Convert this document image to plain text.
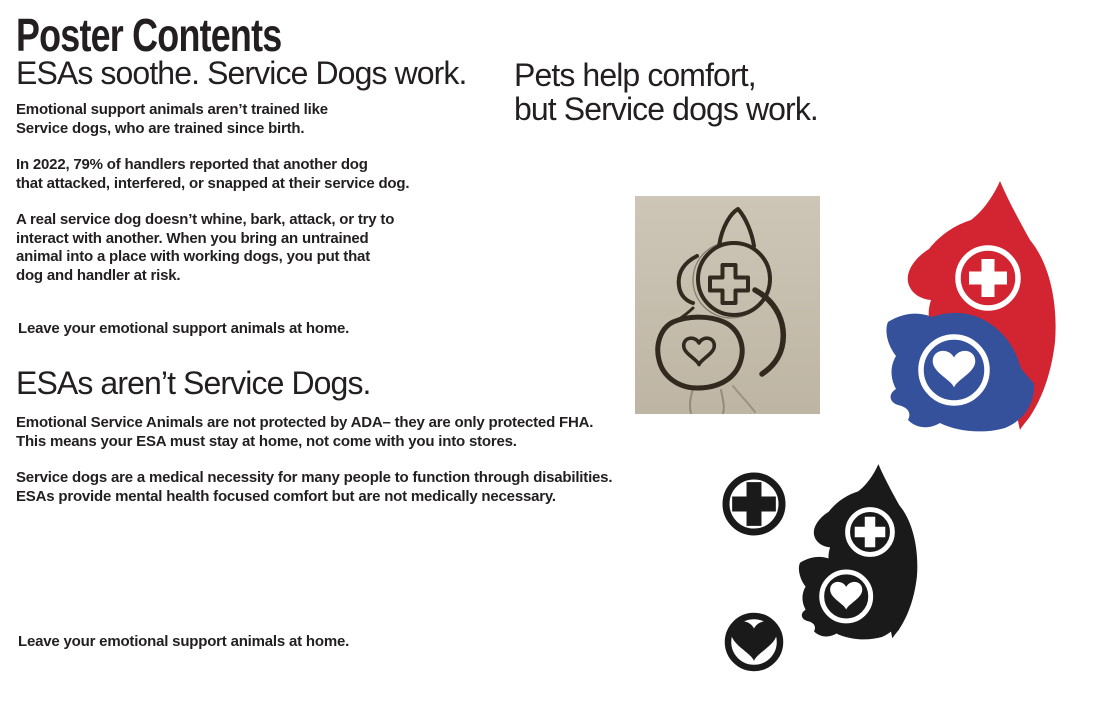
Poster Contents
ESAs soothe. Service Dogs work.
Emotional support animals aren’t trained like
Service dogs, who are trained since birth.
In 2022, 79% of handlers reported that another dog
that attacked, interfered, or snapped at their service dog.
A real service dog doesn’t whine, bark, attack, or try to
interact with another. When you bring an untrained
animal into a place with working dogs, you put that
dog and handler at risk.
Leave your emotional support animals at home.
ESAs aren’t Service Dogs.
Emotional Service Animals are not protected by ADA– they are only protected FHA.
This means your ESA must stay at home, not come with you into stores.
Service dogs are a medical necessity for many people to function through disabilities.
ESAs provide mental health focused comfort but are not medically necessary.
Leave your emotional support animals at home.
Pets help comfort,
but Service dogs work.
